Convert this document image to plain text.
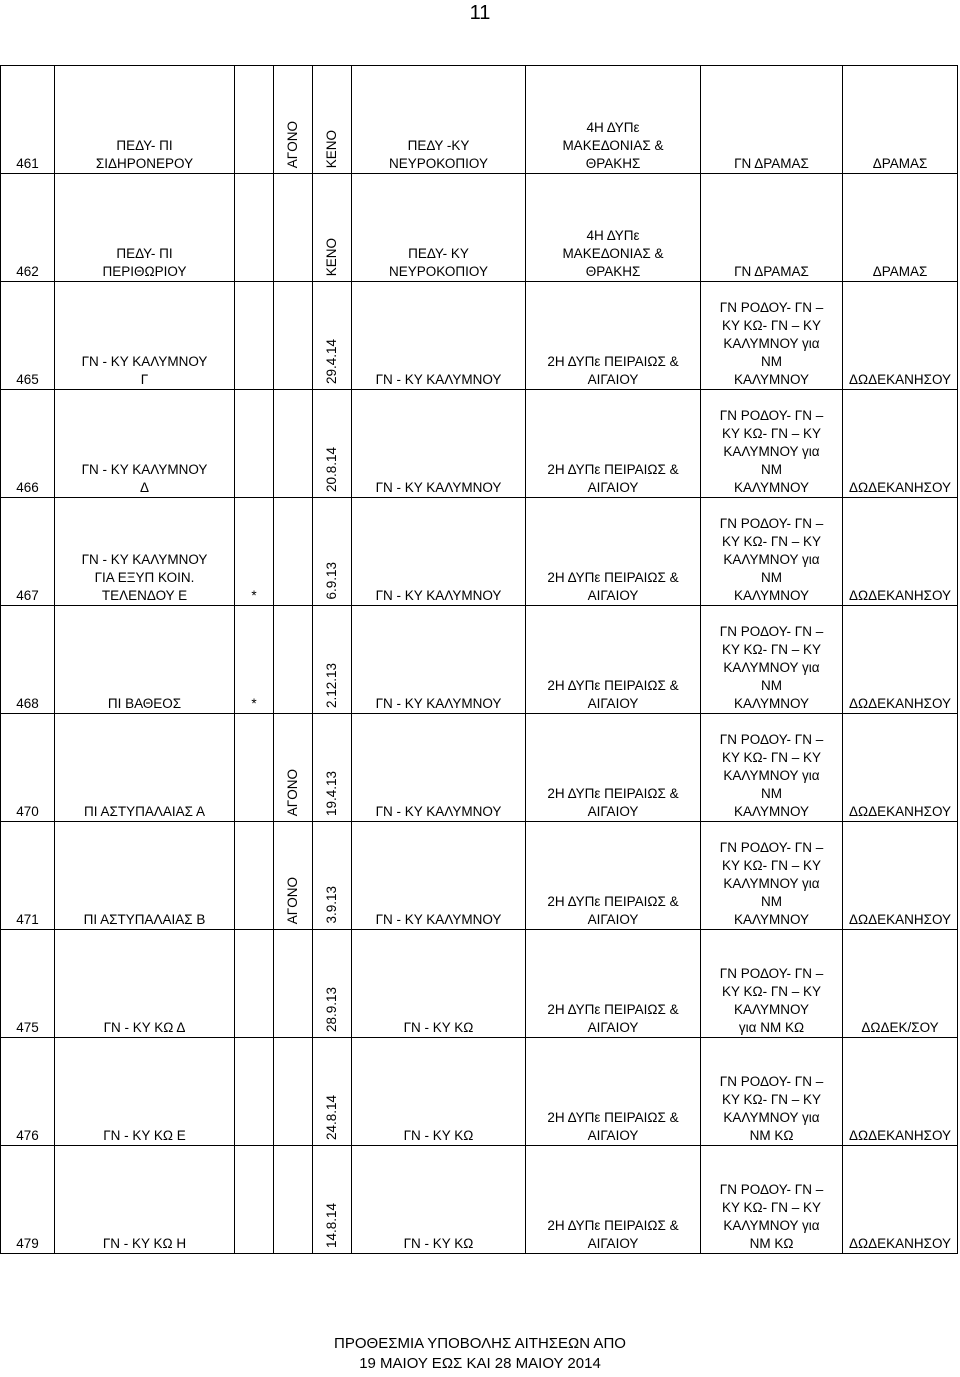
11
461	ΠΕΔΥ- ΠΙ
ΣΙΔΗΡΟΝΕΡΟΥ		ΑΓΟΝΟ	ΚΕΝΟ	ΠΕΔΥ -ΚΥ
ΝΕΥΡΟΚΟΠΙΟΥ	4Η ΔΥΠε
ΜΑΚΕΔΟΝΙΑΣ &
ΘΡΑΚΗΣ	ΓΝ ΔΡΑΜΑΣ	ΔΡΑΜΑΣ

462	ΠΕΔΥ- ΠΙ
ΠΕΡΙΘΩΡΙΟΥ			ΚΕΝΟ	ΠΕΔΥ- ΚΥ
ΝΕΥΡΟΚΟΠΙΟΥ	4Η ΔΥΠε
ΜΑΚΕΔΟΝΙΑΣ &
ΘΡΑΚΗΣ	ΓΝ ΔΡΑΜΑΣ	ΔΡΑΜΑΣ

465	ΓΝ - ΚΥ ΚΑΛΥΜΝΟΥ
Γ			29.4.14	ΓΝ - ΚΥ ΚΑΛΥΜΝΟΥ	2Η ΔΥΠε ΠΕΙΡΑΙΩΣ &
ΑΙΓΑΙΟΥ	ΓΝ ΡΟΔΟΥ- ΓΝ –
ΚΥ ΚΩ- ΓΝ – ΚΥ
ΚΑΛΥΜΝΟΥ για
ΝΜ
ΚΑΛΥΜΝΟΥ	ΔΩΔΕΚΑΝΗΣΟΥ

466	ΓΝ - ΚΥ ΚΑΛΥΜΝΟΥ
Δ			20.8.14	ΓΝ - ΚΥ ΚΑΛΥΜΝΟΥ	2Η ΔΥΠε ΠΕΙΡΑΙΩΣ &
ΑΙΓΑΙΟΥ	ΓΝ ΡΟΔΟΥ- ΓΝ –
ΚΥ ΚΩ- ΓΝ – ΚΥ
ΚΑΛΥΜΝΟΥ για
ΝΜ
ΚΑΛΥΜΝΟΥ	ΔΩΔΕΚΑΝΗΣΟΥ

467	ΓΝ - ΚΥ ΚΑΛΥΜΝΟΥ
ΓΙΑ ΕΞΥΠ ΚΟΙΝ.
ΤΕΛΕΝΔΟΥ Ε	*		6.9.13	ΓΝ - ΚΥ ΚΑΛΥΜΝΟΥ	2Η ΔΥΠε ΠΕΙΡΑΙΩΣ &
ΑΙΓΑΙΟΥ	ΓΝ ΡΟΔΟΥ- ΓΝ –
ΚΥ ΚΩ- ΓΝ – ΚΥ
ΚΑΛΥΜΝΟΥ για
ΝΜ
ΚΑΛΥΜΝΟΥ	ΔΩΔΕΚΑΝΗΣΟΥ

468	ΠΙ ΒΑΘΕΟΣ	*		2.12.13	ΓΝ - ΚΥ ΚΑΛΥΜΝΟΥ	2Η ΔΥΠε ΠΕΙΡΑΙΩΣ &
ΑΙΓΑΙΟΥ	ΓΝ ΡΟΔΟΥ- ΓΝ –
ΚΥ ΚΩ- ΓΝ – ΚΥ
ΚΑΛΥΜΝΟΥ για
ΝΜ
ΚΑΛΥΜΝΟΥ	ΔΩΔΕΚΑΝΗΣΟΥ

470	ΠΙ ΑΣΤΥΠΑΛΑΙΑΣ Α		ΑΓΟΝΟ	19.4.13	ΓΝ - ΚΥ ΚΑΛΥΜΝΟΥ	2Η ΔΥΠε ΠΕΙΡΑΙΩΣ &
ΑΙΓΑΙΟΥ	ΓΝ ΡΟΔΟΥ- ΓΝ –
ΚΥ ΚΩ- ΓΝ – ΚΥ
ΚΑΛΥΜΝΟΥ για
ΝΜ
ΚΑΛΥΜΝΟΥ	ΔΩΔΕΚΑΝΗΣΟΥ

471	ΠΙ ΑΣΤΥΠΑΛΑΙΑΣ Β		ΑΓΟΝΟ	3.9.13	ΓΝ - ΚΥ ΚΑΛΥΜΝΟΥ	2Η ΔΥΠε ΠΕΙΡΑΙΩΣ &
ΑΙΓΑΙΟΥ	ΓΝ ΡΟΔΟΥ- ΓΝ –
ΚΥ ΚΩ- ΓΝ – ΚΥ
ΚΑΛΥΜΝΟΥ για
ΝΜ
ΚΑΛΥΜΝΟΥ	ΔΩΔΕΚΑΝΗΣΟΥ

475	ΓΝ - ΚΥ ΚΩ Δ			28.9.13	ΓΝ - ΚΥ ΚΩ	2Η ΔΥΠε ΠΕΙΡΑΙΩΣ &
ΑΙΓΑΙΟΥ	ΓΝ ΡΟΔΟΥ- ΓΝ –
ΚΥ ΚΩ- ΓΝ – ΚΥ
ΚΑΛΥΜΝΟΥ
για ΝΜ ΚΩ	ΔΩΔΕΚ/ΣΟΥ

476	ΓΝ - ΚΥ ΚΩ Ε			24.8.14	ΓΝ - ΚΥ ΚΩ	2Η ΔΥΠε ΠΕΙΡΑΙΩΣ &
ΑΙΓΑΙΟΥ	ΓΝ ΡΟΔΟΥ- ΓΝ –
ΚΥ ΚΩ- ΓΝ – ΚΥ
ΚΑΛΥΜΝΟΥ για
ΝΜ ΚΩ	ΔΩΔΕΚΑΝΗΣΟΥ

479	ΓΝ - ΚΥ ΚΩ Η			14.8.14	ΓΝ - ΚΥ ΚΩ	2Η ΔΥΠε ΠΕΙΡΑΙΩΣ &
ΑΙΓΑΙΟΥ	ΓΝ ΡΟΔΟΥ- ΓΝ –
ΚΥ ΚΩ- ΓΝ – ΚΥ
ΚΑΛΥΜΝΟΥ για
ΝΜ ΚΩ	ΔΩΔΕΚΑΝΗΣΟΥ
ΠΡΟΘΕΣΜΙΑ ΥΠΟΒΟΛΗΣ ΑΙΤΗΣΕΩΝ ΑΠΟ
19 ΜΑΙΟΥ ΕΩΣ ΚΑΙ 28 ΜΑΙΟΥ 2014
